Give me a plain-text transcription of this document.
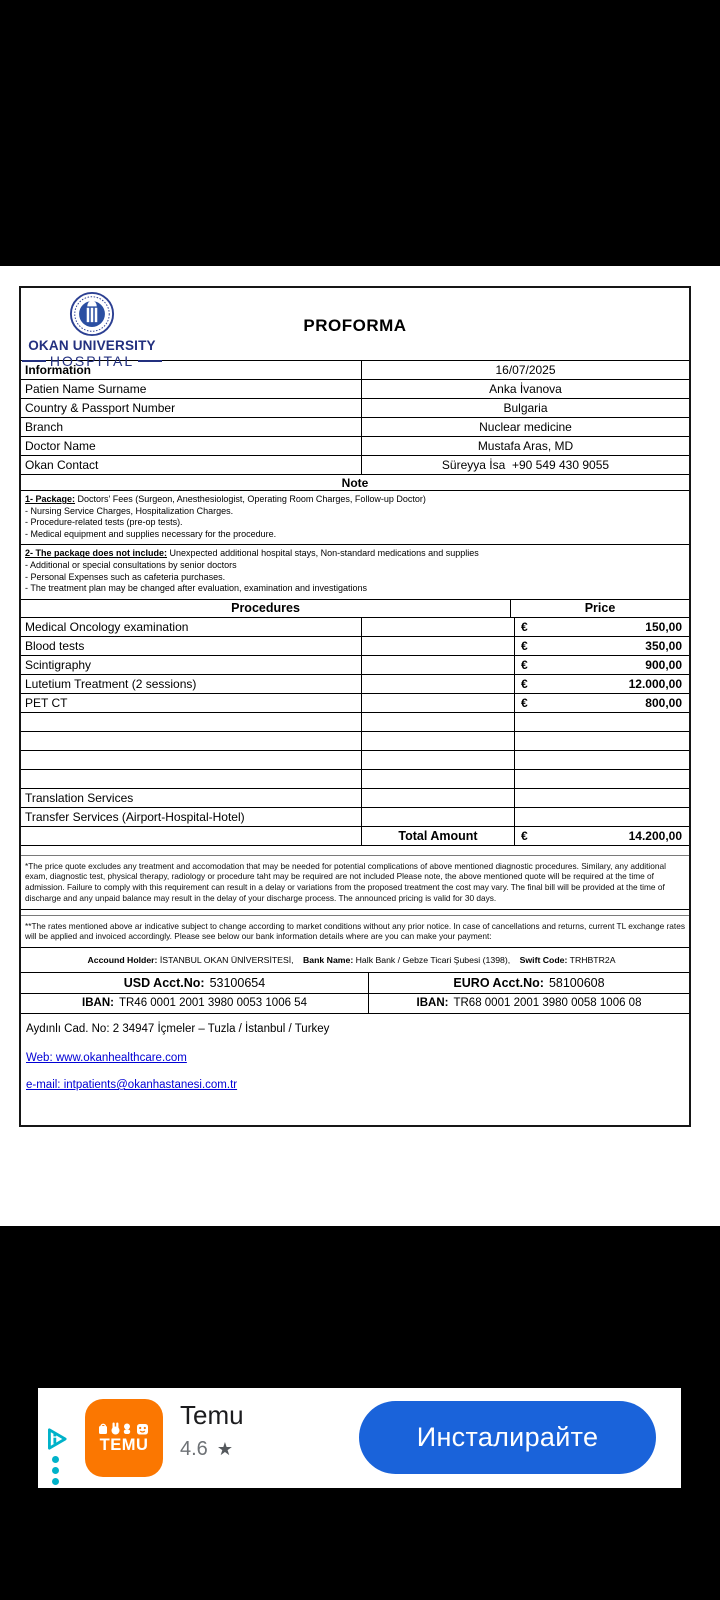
OKAN UNIVERSITY
HOSPITAL
PROFORMA
Information	16/07/2025
Patien Name Surname	Anka İvanova
Country & Passport Number	Bulgaria
Branch	Nuclear medicine
Doctor Name	Mustafa Aras, MD
Okan Contact	Süreyya İsa  +90 549 430 9055
Note
1- Package: Doctors' Fees (Surgeon, Anesthesiologist, Operating Room Charges, Follow-up Doctor)
- Nursing Service Charges, Hospitalization Charges.
- Procedure-related tests (pre-op tests).
- Medical equipment and supplies necessary for the procedure.
2- The package does not include: Unexpected additional hospital stays, Non-standard medications and supplies
- Additional or special consultations by senior doctors
- Personal Expenses such as cafeteria purchases.
- The treatment plan may be changed after evaluation, examination and investigations
Procedures	Price
Medical Oncology examination	€	150,00
Blood tests	€	350,00
Scintigraphy	€	900,00
Lutetium Treatment (2 sessions)	€	12.000,00
PET CT	€	800,00
Translation Services
Transfer Services (Airport-Hospital-Hotel)
Total Amount	€	14.200,00
*The price quote excludes any treatment and accomodation that may be needed for potential complications of above mentioned diagnostic procedures. Similary, any additional exam, diagnostic test, physical therapy, radiology or procedure taht may be required are not included Please note, the above mentioned quote will be required at the time of admission. Failure to comply with this requirement can result in a delay or variations from the proposed treatment the cost may vary. The final bill will be provided at the time of discharge and any unpaid balance may result in the delay of your discharge process. The announced pricing is valid for 30 days.
**The rates mentioned above ar indicative subject to change according to market conditions without any prior notice. In case of cancellations and returns, current TL exchange rates will be applied and invoiced accordingly. Please see below our bank information details where are you can make your payment:
Accound Holder: İSTANBUL OKAN ÜNİVERSİTESİ, Bank Name: Halk Bank / Gebze Ticari Şubesi (1398), Swift Code: TRHBTR2A
USD Acct.No: 53100654	EURO Acct.No: 58100608
IBAN: TR46 0001 2001 3980 0053 1006 54	IBAN: TR68 0001 2001 3980 0058 1006 08
Aydınlı Cad. No: 2 34947 İçmeler – Tuzla / İstanbul / Turkey
Web: www.okanhealthcare.com
e-mail: intpatients@okanhastanesi.com.tr
TEMU
Temu
4.6 ★	Инсталирайте
